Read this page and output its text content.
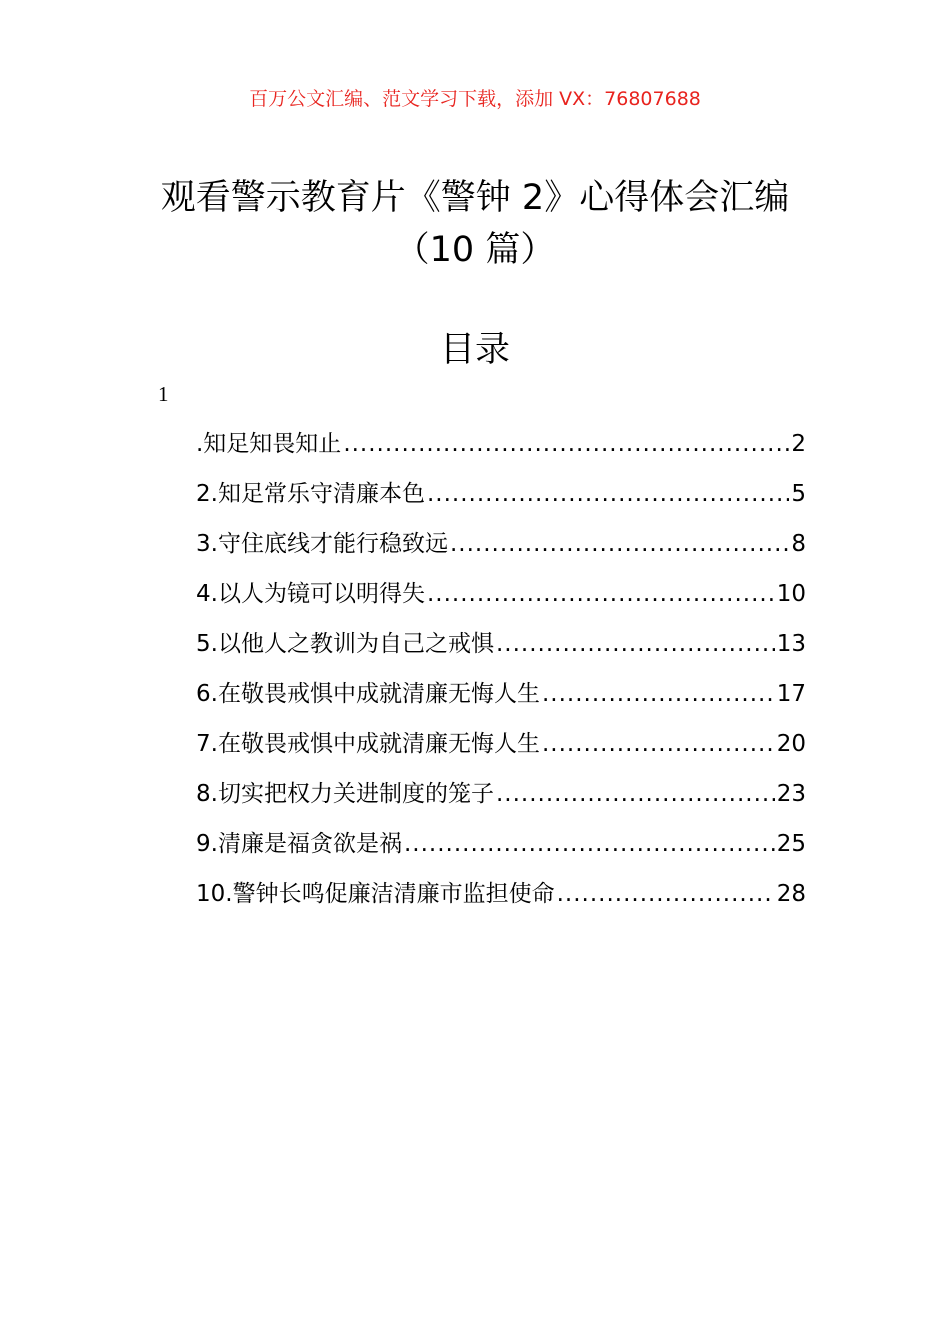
百万公文汇编、范文学习下载，添加 VX：76807688
观看警示教育片《警钟 2》心得体会汇编
（10 篇）
目录
1
.知足知畏知止 .....	2
2.知足常乐守清廉本色 .....	5
3.守住底线才能行稳致远 .....	8
4.以人为镜可以明得失 .....	10
5.以他人之教训为自己之戒惧 .....	13
6.在敬畏戒惧中成就清廉无悔人生 .....	17
7.在敬畏戒惧中成就清廉无悔人生 .....	20
8.切实把权力关进制度的笼子 .....	23
9.清廉是福贪欲是祸 .....	25
10.警钟长鸣促廉洁清廉市监担使命 .....	28
